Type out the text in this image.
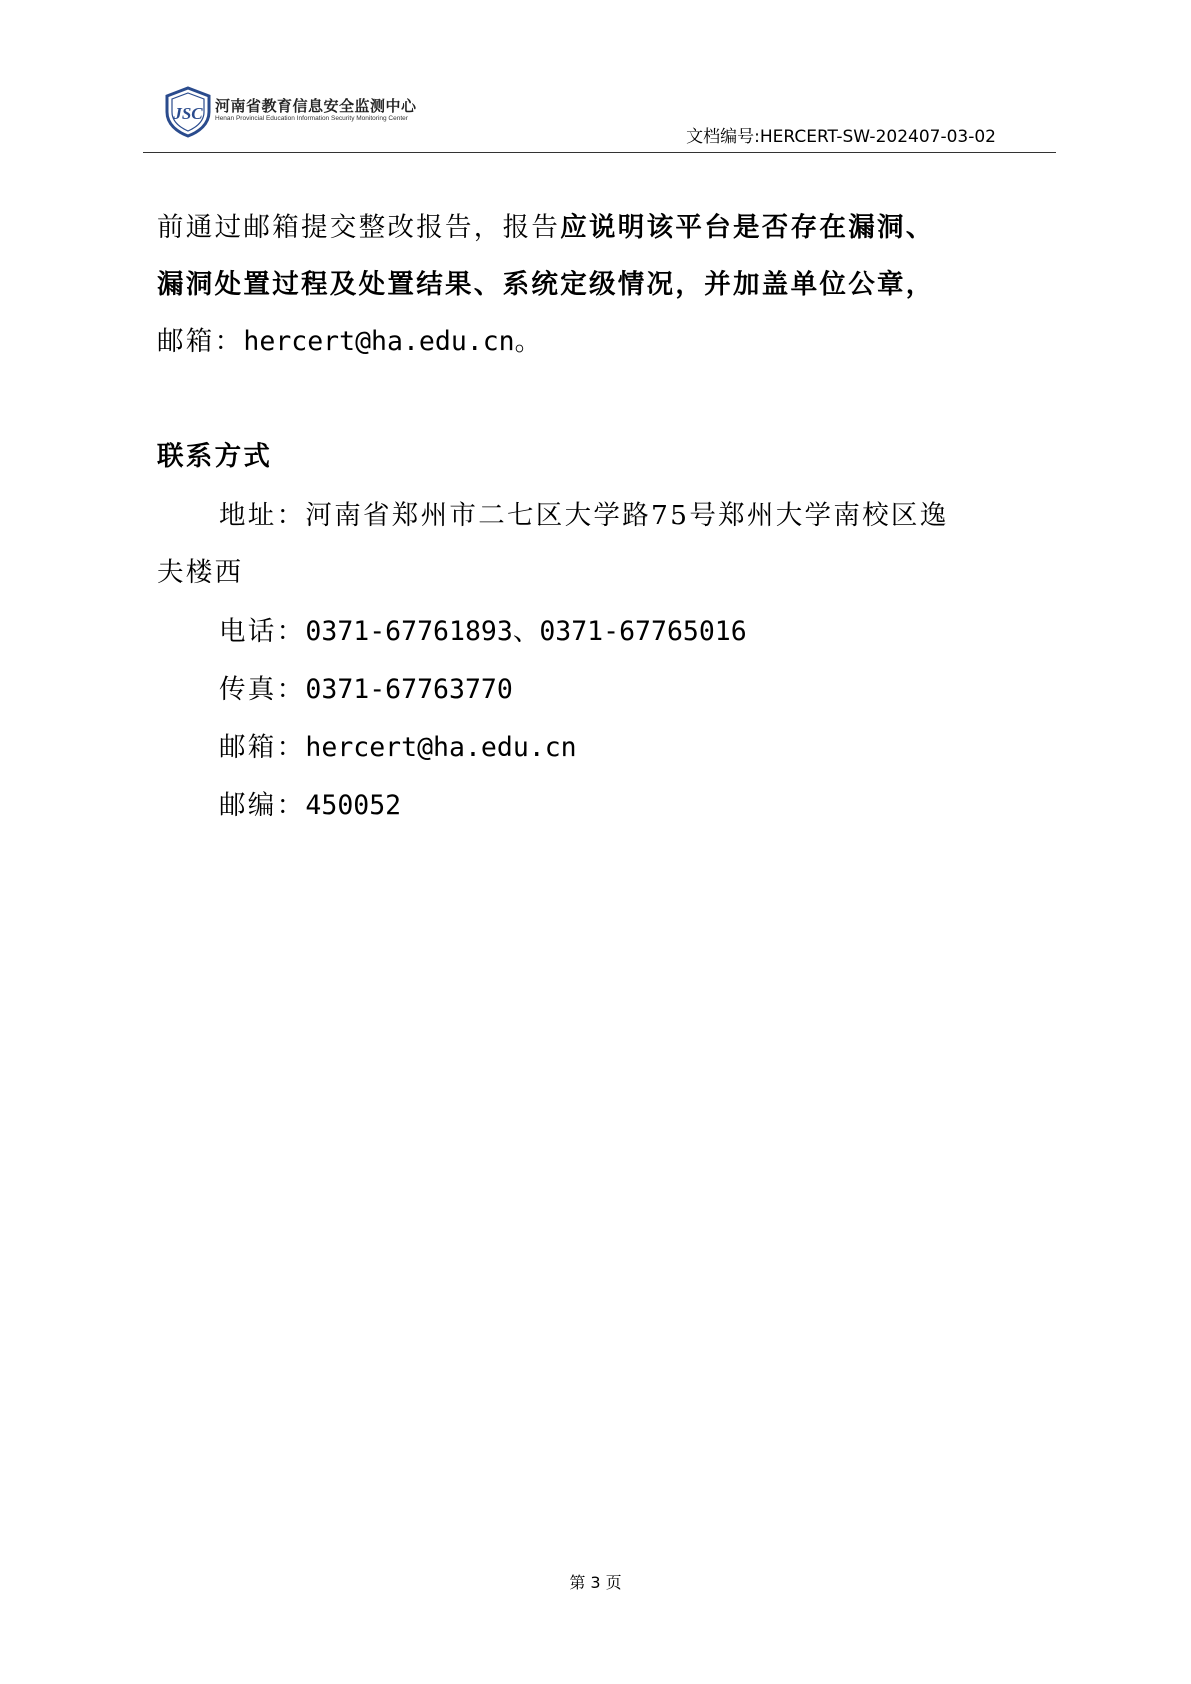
JSC 河南省教育信息安全监测中心
Henan Provincial Education Information Security Monitoring Center
文档编号:HERCERT-SW-202407-03-02
前通过邮箱提交整改报告，报告应说明该平台是否存在漏洞、
漏洞处置过程及处置结果、系统定级情况，并加盖单位公章，
邮箱：hercert@ha.edu.cn。
联系方式
地址：河南省郑州市二七区大学路75号郑州大学南校区逸
夫楼西
电话：0371-67761893、0371-67765016
传真：0371-67763770
邮箱：hercert@ha.edu.cn
邮编：450052
第 3 页
